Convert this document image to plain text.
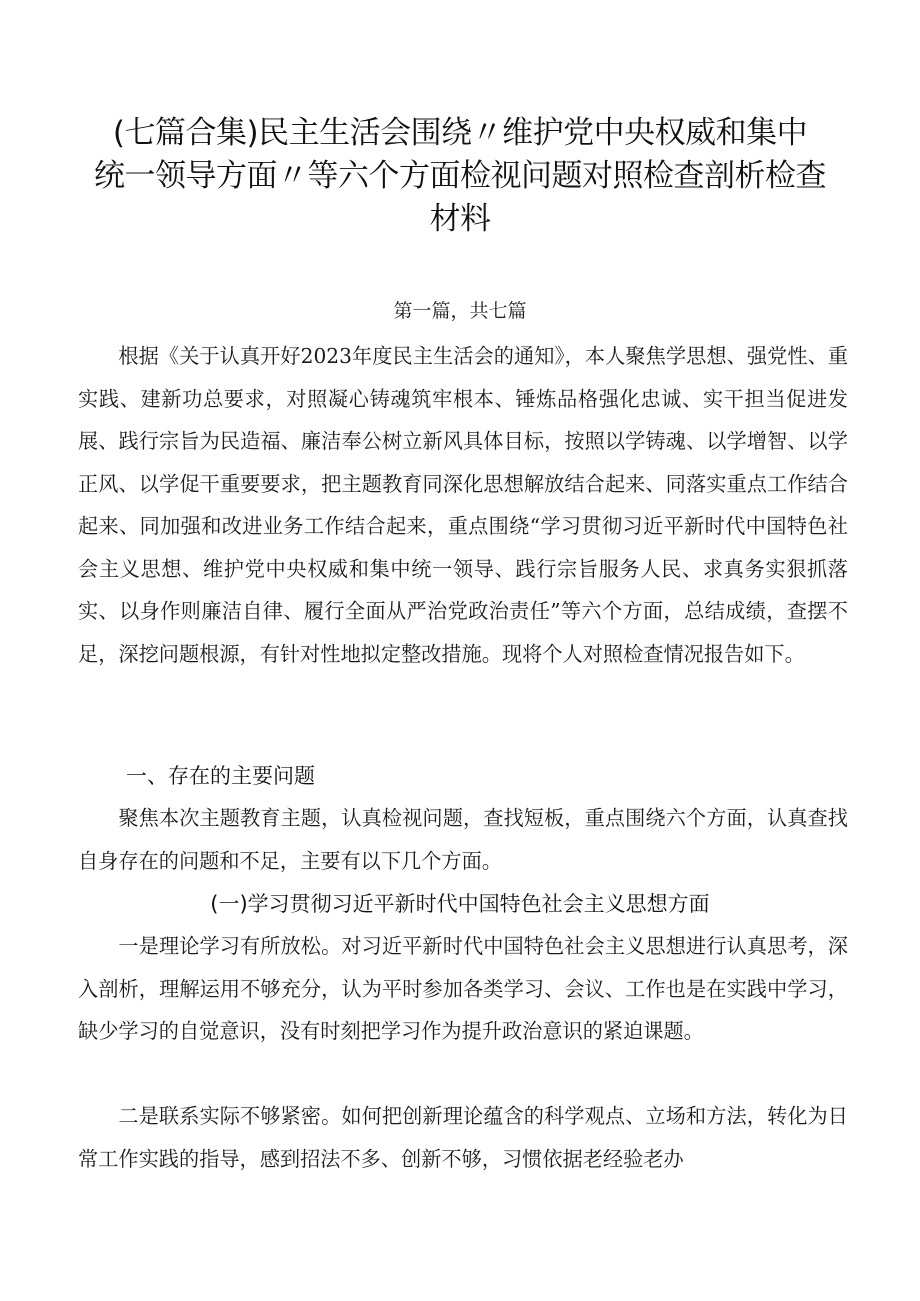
(七篇合集)民主生活会围绕〃维护党中央权威和集中
统一领导方面〃等六个方面检视问题对照检查剖析检查
材料
第一篇，共七篇

根据《关于认真开好2023年度民主生活会的通知》，本人聚焦学思想、强党性、重实践、建新功总要求，对照凝心铸魂筑牢根本、锤炼品格强化忠诚、实干担当促进发展、践行宗旨为民造福、廉洁奉公树立新风具体目标，按照以学铸魂、以学增智、以学正风、以学促干重要要求，把主题教育同深化思想解放结合起来、同落实重点工作结合起来、同加强和改进业务工作结合起来，重点围绕“学习贯彻习近平新时代中国特色社会主义思想、维护党中央权威和集中统一领导、践行宗旨服务人民、求真务实狠抓落实、以身作则廉洁自律、履行全面从严治党政治责任”等六个方面，总结成绩，查摆不足，深挖问题根源，有针对性地拟定整改措施。现将个人对照检查情况报告如下。

一、存在的主要问题

聚焦本次主题教育主题，认真检视问题，查找短板，重点围绕六个方面，认真查找自身存在的问题和不足，主要有以下几个方面。

(一)学习贯彻习近平新时代中国特色社会主义思想方面

一是理论学习有所放松。对习近平新时代中国特色社会主义思想进行认真思考，深入剖析，理解运用不够充分，认为平时参加各类学习、会议、工作也是在实践中学习，缺少学习的自觉意识，没有时刻把学习作为提升政治意识的紧迫课题。

二是联系实际不够紧密。如何把创新理论蕴含的科学观点、立场和方法，转化为日常工作实践的指导，感到招法不多、创新不够，习惯依据老经验老办
